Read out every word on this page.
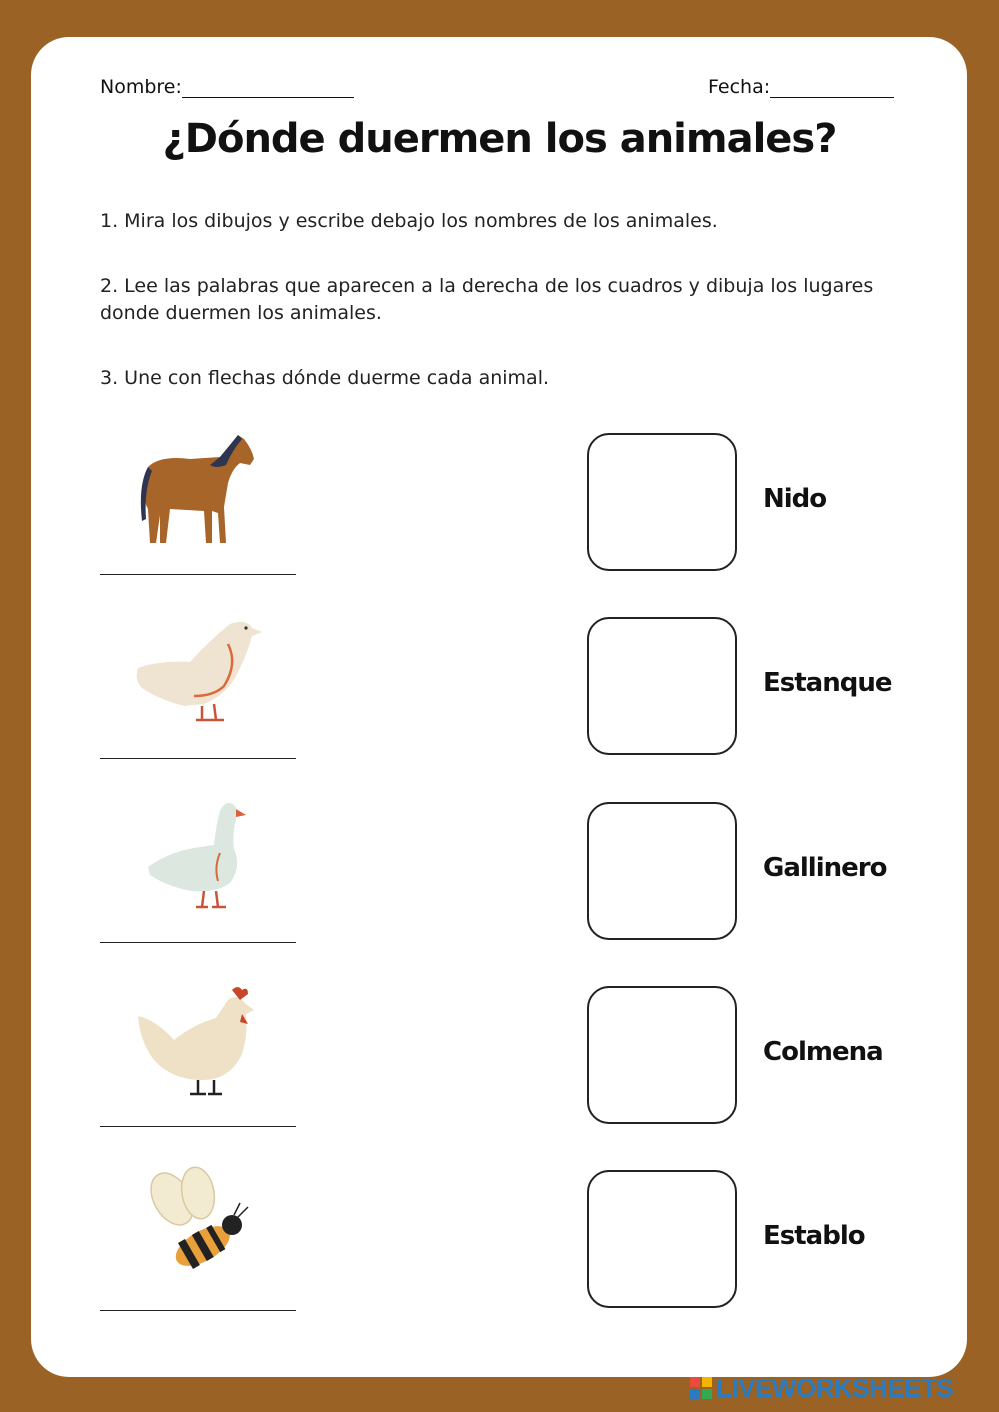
Nombre:	Fecha:
¿Dónde duermen los animales?

1. Mira los dibujos y escribe debajo los nombres de los animales.

2. Lee las palabras que aparecen a la derecha de los cuadros y dibuja los lugares donde duermen los animales.

3. Une con flechas dónde duerme cada animal.

Nido
Estanque
Gallinero
Colmena
Establo
LIVEWORKSHEETS
